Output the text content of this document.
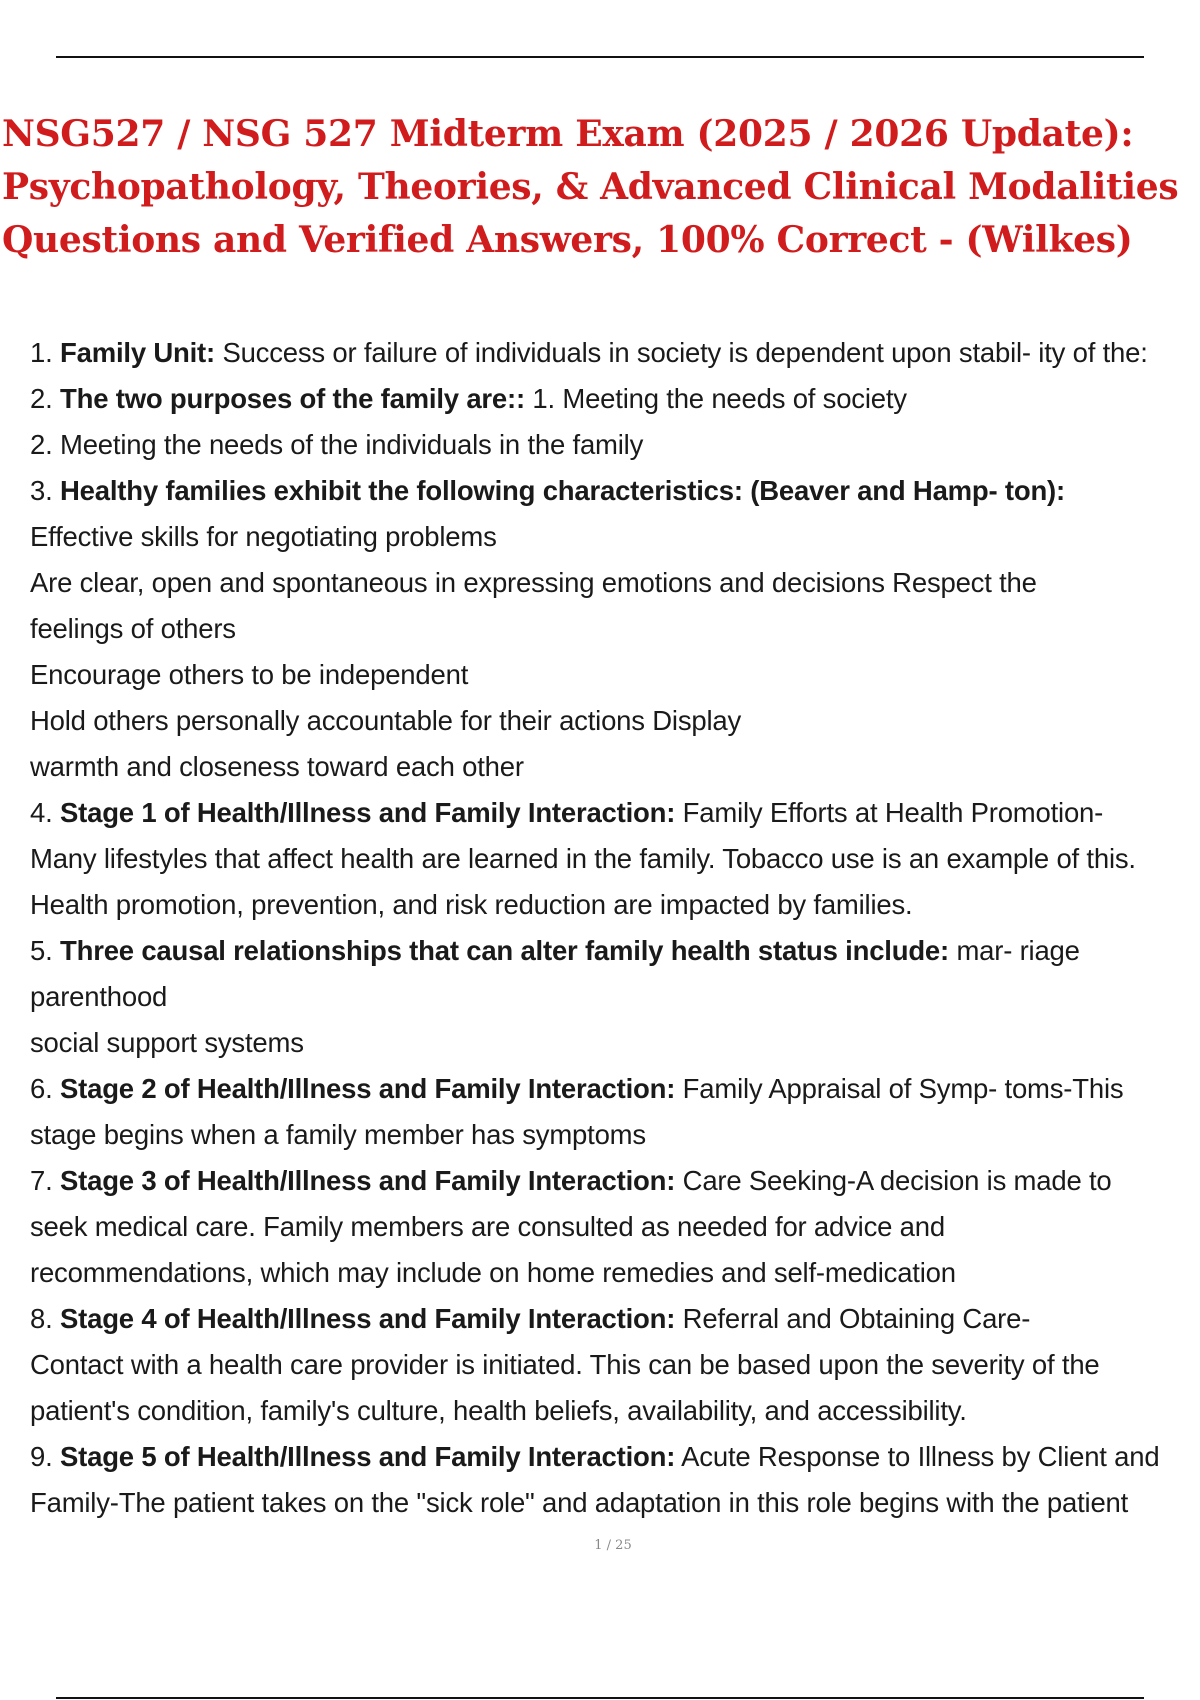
NSG527 / NSG 527 Midterm Exam (2025 / 2026 Update):
Psychopathology, Theories, & Advanced Clinical Modalities
Questions and Verified Answers, 100% Correct - (Wilkes)
1. Family Unit: Success or failure of individuals in society is dependent upon stabil- ity of the:
2. The two purposes of the family are:: 1. Meeting the needs of society
2. Meeting the needs of the individuals in the family
3. Healthy families exhibit the following characteristics: (Beaver and Hamp- ton):
Effective skills for negotiating problems
Are clear, open and spontaneous in expressing emotions and decisions Respect the
feelings of others
Encourage others to be independent
Hold others personally accountable for their actions Display
warmth and closeness toward each other
4. Stage 1 of Health/Illness and Family Interaction: Family Efforts at Health Promotion-
Many lifestyles that affect health are learned in the family. Tobacco use is an example of this.
Health promotion, prevention, and risk reduction are impacted by families.
5. Three causal relationships that can alter family health status include: mar- riage
parenthood
social support systems
6. Stage 2 of Health/Illness and Family Interaction: Family Appraisal of Symp- toms-This
stage begins when a family member has symptoms
7. Stage 3 of Health/Illness and Family Interaction: Care Seeking-A decision is made to
seek medical care. Family members are consulted as needed for advice and
recommendations, which may include on home remedies and self-medication
8. Stage 4 of Health/Illness and Family Interaction: Referral and Obtaining Care-
Contact with a health care provider is initiated. This can be based upon the severity of the
patient's condition, family's culture, health beliefs, availability, and accessibility.
9. Stage 5 of Health/Illness and Family Interaction: Acute Response to Illness by Client and
Family-The patient takes on the "sick role" and adaptation in this role begins with the patient
1 / 25
